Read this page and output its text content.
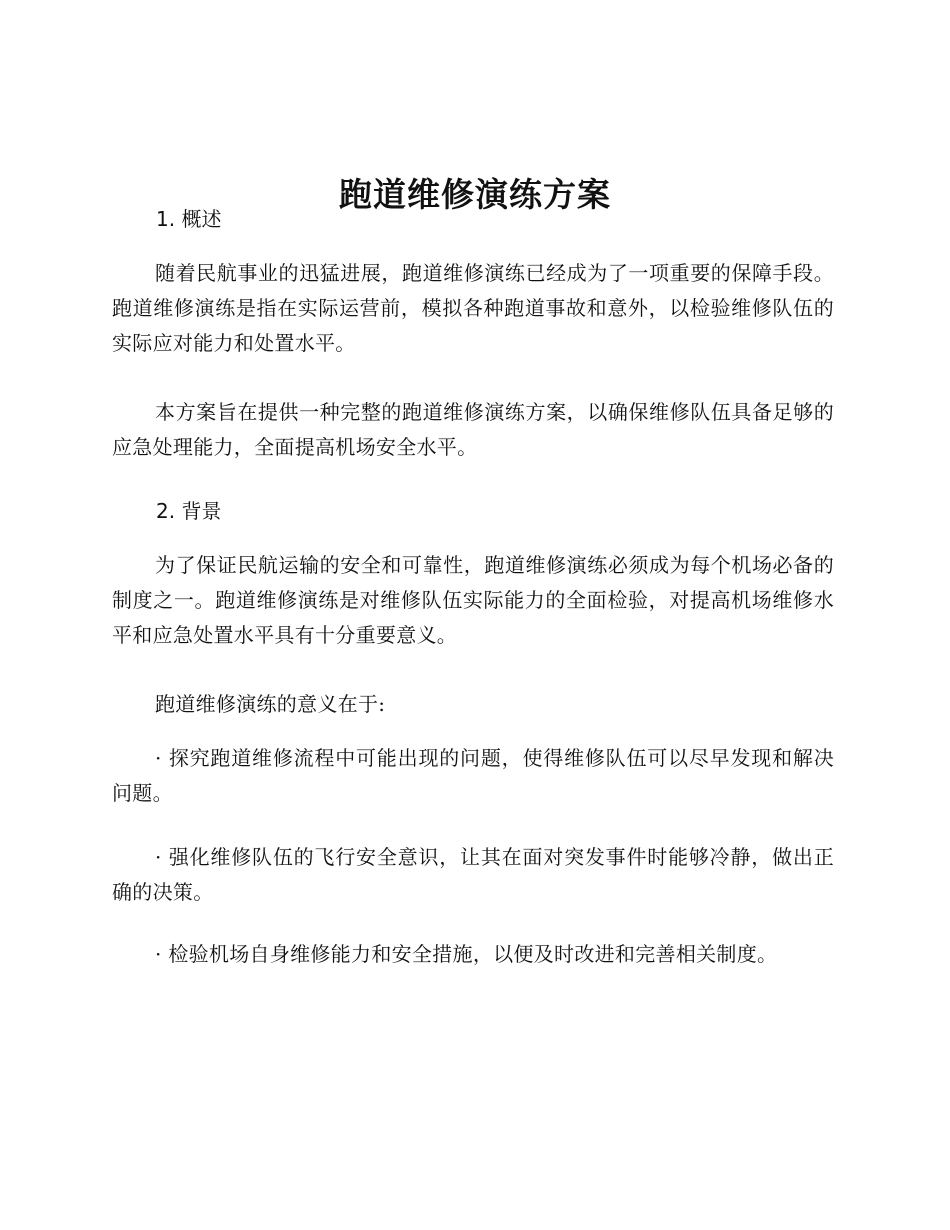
跑道维修演练方案
1. 概述

随着民航事业的迅猛进展，跑道维修演练已经成为了一项重要的保障手段。跑道维修演练是指在实际运营前，模拟各种跑道事故和意外，以检验维修队伍的实际应对能力和处置水平。

本方案旨在提供一种完整的跑道维修演练方案，以确保维修队伍具备足够的应急处理能力，全面提高机场安全水平。

2. 背景

为了保证民航运输的安全和可靠性，跑道维修演练必须成为每个机场必备的制度之一。跑道维修演练是对维修队伍实际能力的全面检验，对提高机场维修水平和应急处置水平具有十分重要意义。

跑道维修演练的意义在于:

· 探究跑道维修流程中可能出现的问题，使得维修队伍可以尽早发现和解决问题。

· 强化维修队伍的飞行安全意识，让其在面对突发事件时能够冷静，做出正确的决策。

· 检验机场自身维修能力和安全措施，以便及时改进和完善相关制度。
